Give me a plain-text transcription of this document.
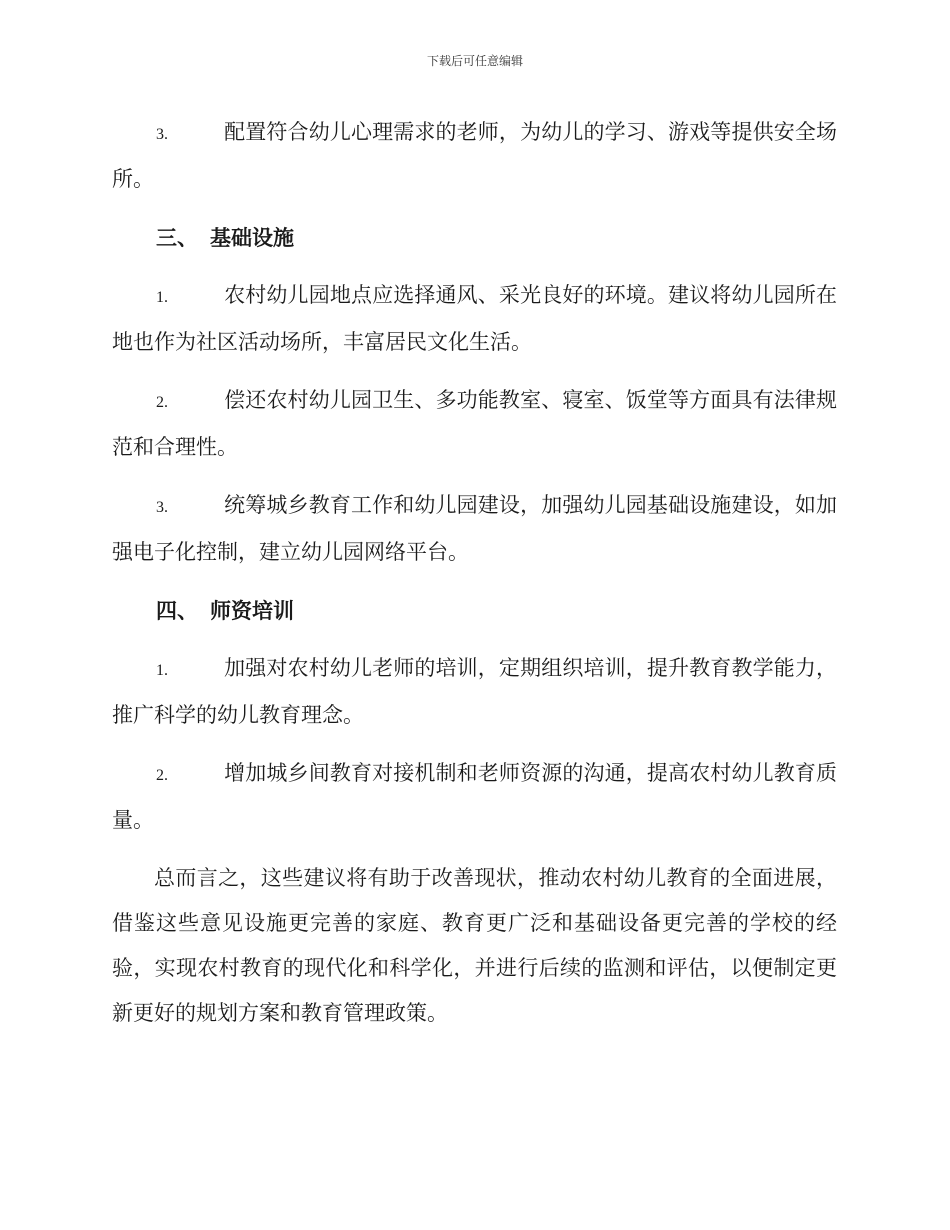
下载后可任意编辑

3.	配置符合幼儿心理需求的老师，为幼儿的学习、游戏等提供安全场所。

三、 基础设施

1.	农村幼儿园地点应选择通风、采光良好的环境。建议将幼儿园所在地也作为社区活动场所，丰富居民文化生活。

2.	偿还农村幼儿园卫生、多功能教室、寝室、饭堂等方面具有法律规范和合理性。

3.	统筹城乡教育工作和幼儿园建设，加强幼儿园基础设施建设，如加强电子化控制，建立幼儿园网络平台。

四、 师资培训

1.	加强对农村幼儿老师的培训，定期组织培训，提升教育教学能力，推广科学的幼儿教育理念。

2.	增加城乡间教育对接机制和老师资源的沟通，提高农村幼儿教育质量。

总而言之，这些建议将有助于改善现状，推动农村幼儿教育的全面进展，借鉴这些意见设施更完善的家庭、教育更广泛和基础设备更完善的学校的经验，实现农村教育的现代化和科学化，并进行后续的监测和评估，以便制定更新更好的规划方案和教育管理政策。
